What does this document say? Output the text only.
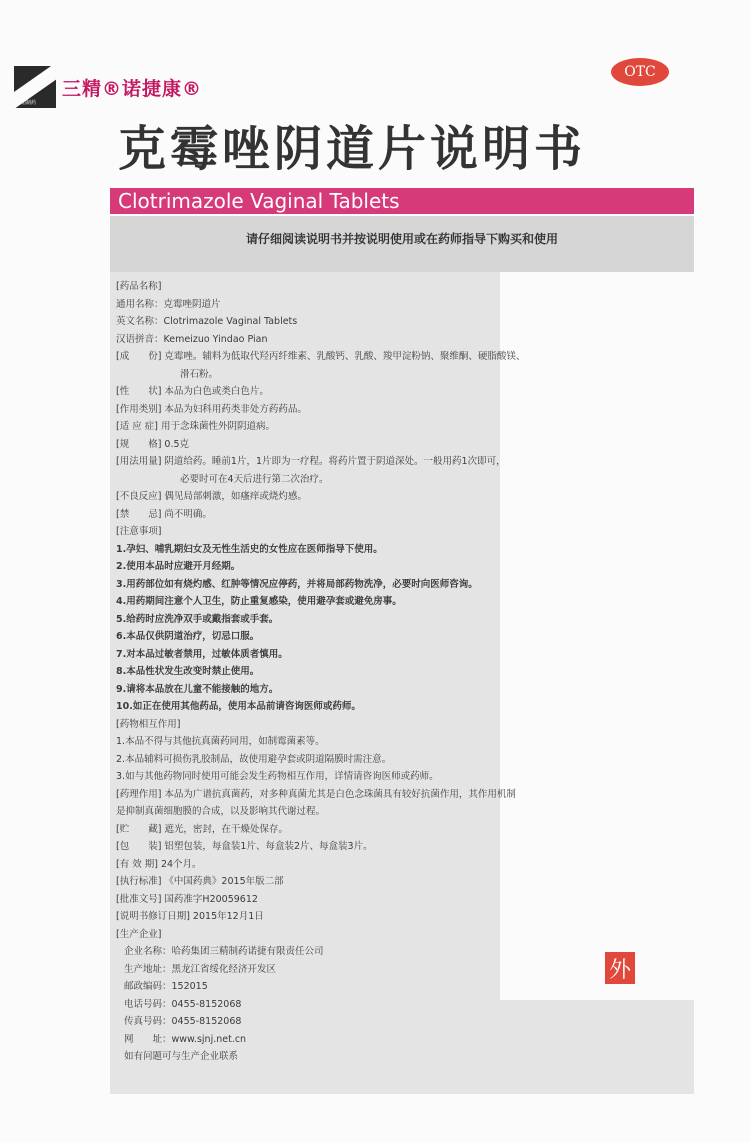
三精制药
三精®诺捷康®
OTC
克霉唑阴道片说明书
Clotrimazole Vaginal Tablets
请仔细阅读说明书并按说明使用或在药师指导下购买和使用
[药品名称]
通用名称：克霉唑阴道片
英文名称：Clotrimazole Vaginal Tablets
汉语拼音：Kemeizuo Yindao Pian
[成　　份] 克霉唑。辅料为低取代羟丙纤维素、乳酸钙、乳酸、羧甲淀粉钠、聚维酮、硬脂酸镁、
滑石粉。
[性　　状] 本品为白色或类白色片。
[作用类别] 本品为妇科用药类非处方药药品。
[适 应 症] 用于念珠菌性外阴阴道病。
[规　　格] 0.5克
[用法用量] 阴道给药。睡前1片，1片即为一疗程。将药片置于阴道深处。一般用药1次即可，
必要时可在4天后进行第二次治疗。
[不良反应] 偶见局部刺激，如瘙痒或烧灼感。
[禁　　忌] 尚不明确。
[注意事项]
1.孕妇、哺乳期妇女及无性生活史的女性应在医师指导下使用。
2.使用本品时应避开月经期。
3.用药部位如有烧灼感、红肿等情况应停药，并将局部药物洗净，必要时向医师咨询。
4.用药期间注意个人卫生，防止重复感染，使用避孕套或避免房事。
5.给药时应洗净双手或戴指套或手套。
6.本品仅供阴道治疗，切忌口服。
7.对本品过敏者禁用，过敏体质者慎用。
8.本品性状发生改变时禁止使用。
9.请将本品放在儿童不能接触的地方。
10.如正在使用其他药品，使用本品前请咨询医师或药师。
[药物相互作用]
1.本品不得与其他抗真菌药同用，如制霉菌素等。
2.本品辅料可损伤乳胶制品，故使用避孕套或阴道隔膜时需注意。
3.如与其他药物同时使用可能会发生药物相互作用，详情请咨询医师或药师。
[药理作用] 本品为广谱抗真菌药，对多种真菌尤其是白色念珠菌具有较好抗菌作用，其作用机制
是抑制真菌细胞膜的合成，以及影响其代谢过程。
[贮　　藏] 遮光，密封，在干燥处保存。
[包　　装] 铝塑包装，每盒装1片、每盒装2片、每盒装3片。
[有 效 期] 24个月。
[执行标准] 《中国药典》2015年版二部
[批准文号] 国药准字H20059612
[说明书修订日期] 2015年12月1日
[生产企业]
企业名称：哈药集团三精制药诺捷有限责任公司
生产地址：黑龙江省绥化经济开发区
邮政编码：152015
电话号码：0455-8152068
传真号码：0455-8152068
网　　址：www.sjnj.net.cn
如有问题可与生产企业联系
外
